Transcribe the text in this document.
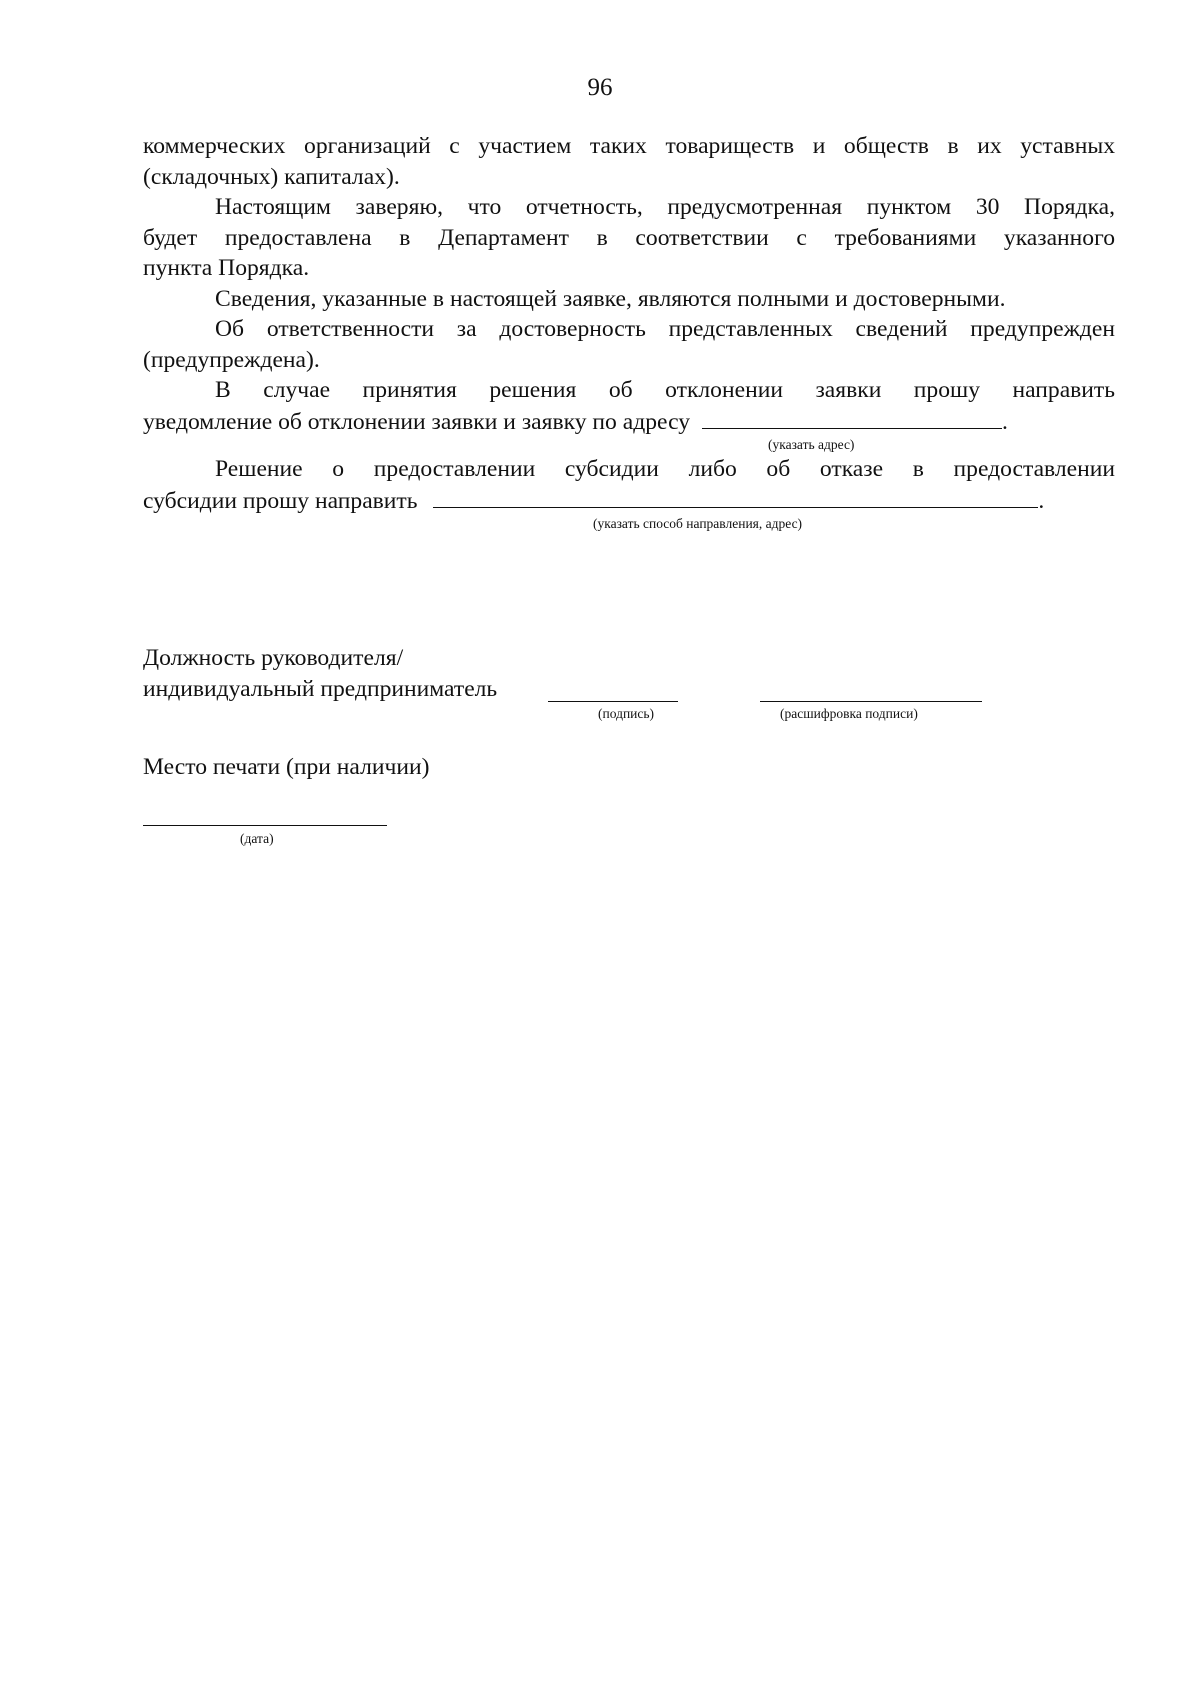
96
коммерческих организаций с участием таких товариществ и обществ в их уставных
(складочных) капиталах).
Настоящим заверяю, что отчетность, предусмотренная пунктом 30 Порядка,
будет предоставлена в Департамент в соответствии с требованиями указанного
пункта Порядка.
Сведения, указанные в настоящей заявке, являются полными и достоверными.
Об ответственности за достоверность представленных сведений предупрежден
(предупреждена).
В случае принятия решения об отклонении заявки прошу направить
уведомление об отклонении заявки и заявку по адресу	.
Решение о предоставлении субсидии либо об отказе в предоставлении
субсидии прошу направить	.
(указать адрес)
(указать способ направления, адрес)
Должность руководителя/
индивидуальный предприниматель
(подпись)	(расшифровка подписи)
Место печати (при наличии)
(дата)
